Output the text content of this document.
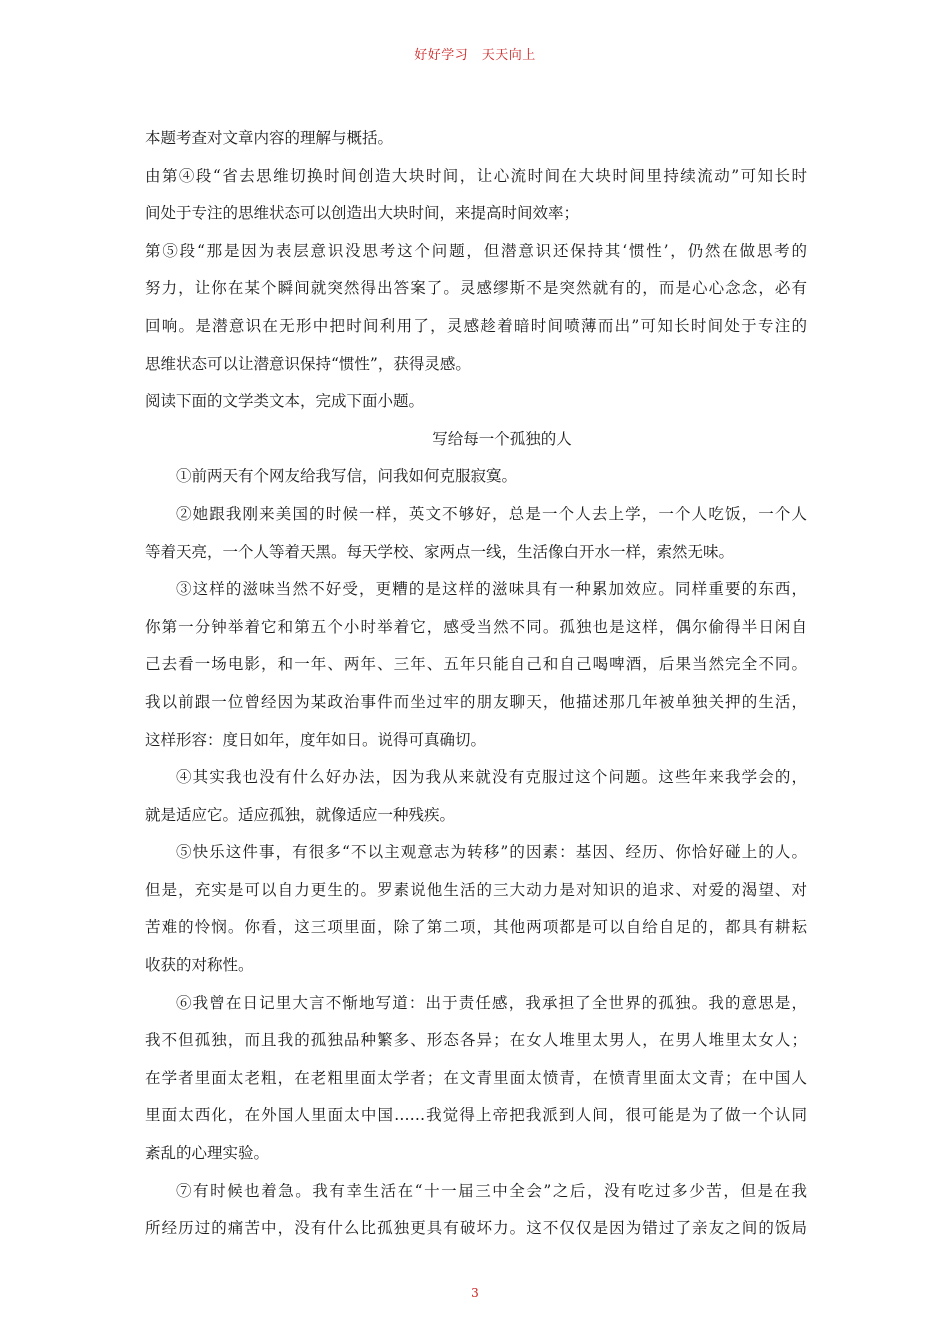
好好学习　天天向上
本题考查对文章内容的理解与概括。
由第④段“省去思维切换时间创造大块时间，让心流时间在大块时间里持续流动”可知长时
间处于专注的思维状态可以创造出大块时间，来提高时间效率；
第⑤段“那是因为表层意识没思考这个问题，但潜意识还保持其‘惯性’，仍然在做思考的
努力，让你在某个瞬间就突然得出答案了。灵感缪斯不是突然就有的，而是心心念念，必有
回响。是潜意识在无形中把时间利用了，灵感趁着暗时间喷薄而出”可知长时间处于专注的
思维状态可以让潜意识保持“惯性”，获得灵感。
阅读下面的文学类文本，完成下面小题。
写给每一个孤独的人
①前两天有个网友给我写信，问我如何克服寂寞。
②她跟我刚来美国的时候一样，英文不够好，总是一个人去上学，一个人吃饭，一个人
等着天亮，一个人等着天黑。每天学校、家两点一线，生活像白开水一样，索然无味。
③这样的滋味当然不好受，更糟的是这样的滋味具有一种累加效应。同样重要的东西，
你第一分钟举着它和第五个小时举着它，感受当然不同。孤独也是这样，偶尔偷得半日闲自
己去看一场电影，和一年、两年、三年、五年只能自己和自己喝啤酒，后果当然完全不同。
我以前跟一位曾经因为某政治事件而坐过牢的朋友聊天，他描述那几年被单独关押的生活，
这样形容：度日如年，度年如日。说得可真确切。
④其实我也没有什么好办法，因为我从来就没有克服过这个问题。这些年来我学会的，
就是适应它。适应孤独，就像适应一种残疾。
⑤快乐这件事，有很多“不以主观意志为转移”的因素：基因、经历、你恰好碰上的人。
但是，充实是可以自力更生的。罗素说他生活的三大动力是对知识的追求、对爱的渴望、对
苦难的怜悯。你看，这三项里面，除了第二项，其他两项都是可以自给自足的，都具有耕耘
收获的对称性。
⑥我曾在日记里大言不惭地写道：出于责任感，我承担了全世界的孤独。我的意思是，
我不但孤独，而且我的孤独品种繁多、形态各异；在女人堆里太男人，在男人堆里太女人；
在学者里面太老粗，在老粗里面太学者；在文青里面太愤青，在愤青里面太文青；在中国人
里面太西化，在外国人里面太中国……我觉得上帝把我派到人间，很可能是为了做一个认同
紊乱的心理实验。
⑦有时候也着急。我有幸生活在“十一届三中全会”之后，没有吃过多少苦，但是在我
所经历过的痛苦中，没有什么比孤独更具有破坏力。这不仅仅是因为错过了亲友之间的饭局
3
